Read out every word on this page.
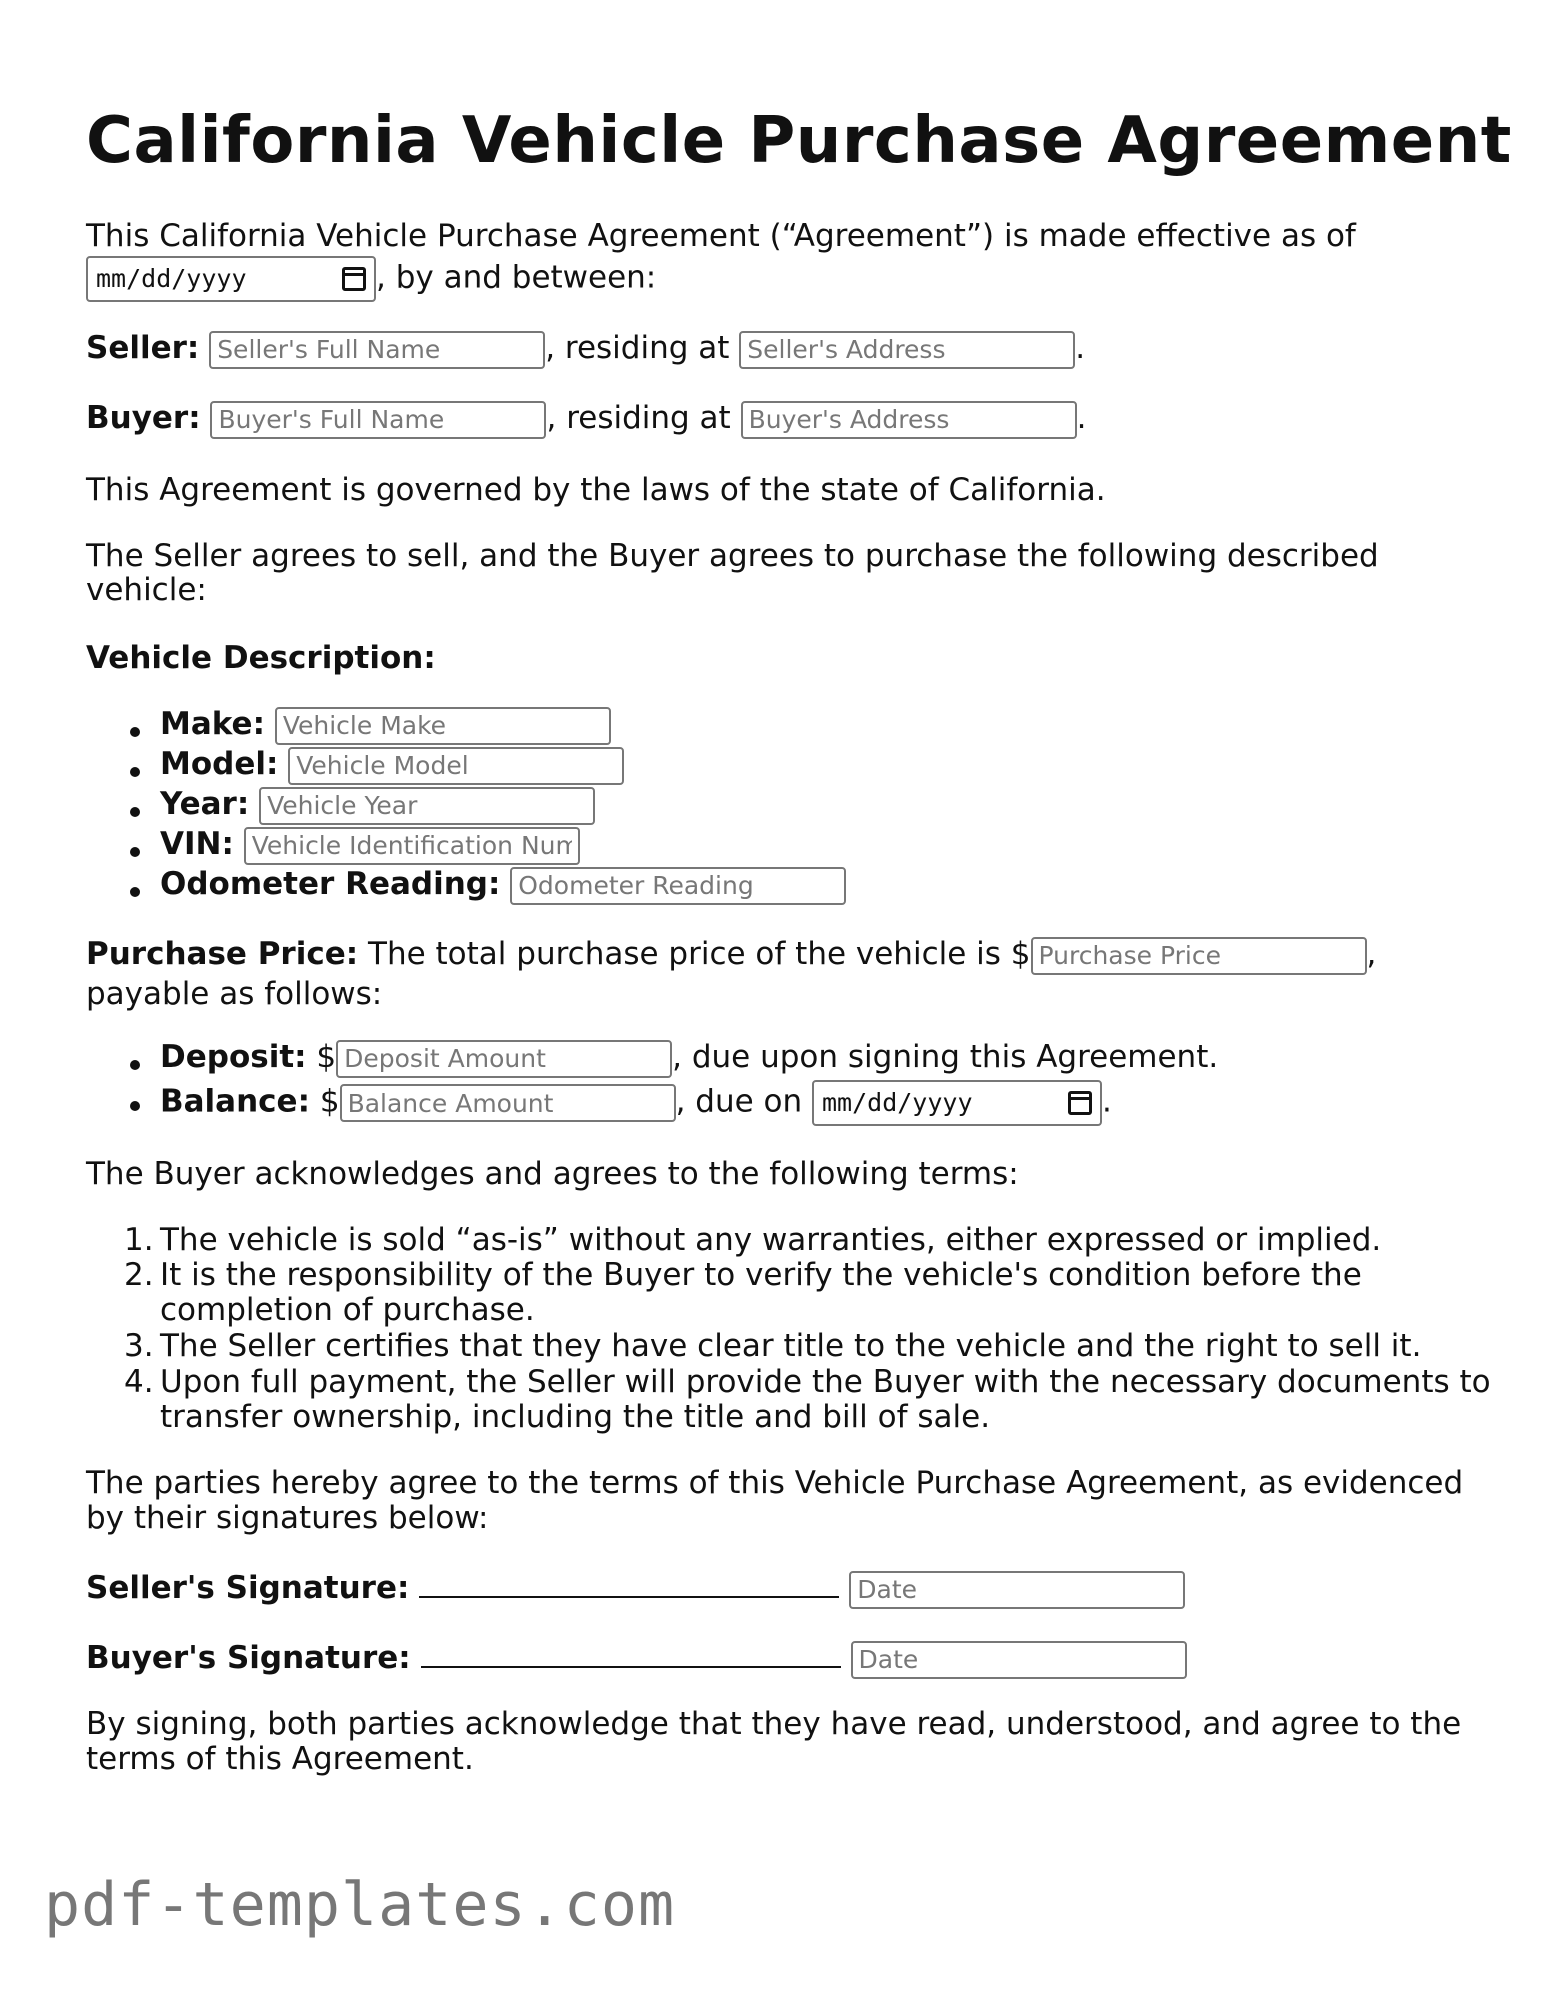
California Vehicle Purchase Agreement
This California Vehicle Purchase Agreement (“Agreement”) is made effective as of
mm/dd/yyyy	, by and between:
Seller: Seller's Full Name	, residing at Seller's Address	.
Buyer: Buyer's Full Name	, residing at Buyer's Address	.
This Agreement is governed by the laws of the state of California.
The Seller agrees to sell, and the Buyer agrees to purchase the following described
vehicle:
Vehicle Description:
Make: Vehicle Make
Model: Vehicle Model
Year: Vehicle Year
VIN: Vehicle Identification Number
Odometer Reading: Odometer Reading
Purchase Price: The total purchase price of the vehicle is $Purchase Price	,
payable as follows:
Deposit: $Deposit Amount	, due upon signing this Agreement.
Balance: $Balance Amount	, due on mm/dd/yyyy	.
The Buyer acknowledges and agrees to the following terms:
1. The vehicle is sold “as-is” without any warranties, either expressed or implied.
2. It is the responsibility of the Buyer to verify the vehicle's condition before the
completion of purchase.
3. The Seller certifies that they have clear title to the vehicle and the right to sell it.
4. Upon full payment, the Seller will provide the Buyer with the necessary documents to
transfer ownership, including the title and bill of sale.
The parties hereby agree to the terms of this Vehicle Purchase Agreement, as evidenced
by their signatures below:
Seller's Signature: Date
Buyer's Signature: Date
By signing, both parties acknowledge that they have read, understood, and agree to the
terms of this Agreement.
pdf-templates.com
